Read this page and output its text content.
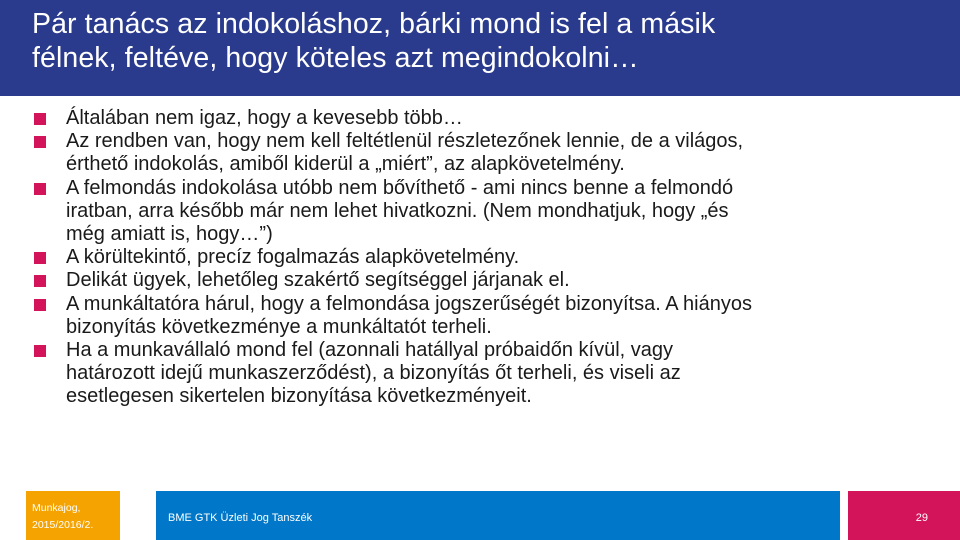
Pár tanács az indokoláshoz, bárki mond is fel a másik
félnek, feltéve, hogy köteles azt megindokolni…
Általában nem igaz, hogy a kevesebb több…
Az rendben van, hogy nem kell feltétlenül részletezőnek lennie, de a világos,
érthető indokolás, amiből kiderül a „miért”, az alapkövetelmény.
A felmondás indokolása utóbb nem bővíthető - ami nincs benne a felmondó
iratban, arra később már nem lehet hivatkozni. (Nem mondhatjuk, hogy „és
még amiatt is, hogy…”)
A körültekintő, precíz fogalmazás alapkövetelmény.
Delikát ügyek, lehetőleg szakértő segítséggel járjanak el.
A munkáltatóra hárul, hogy a felmondása jogszerűségét bizonyítsa. A hiányos
bizonyítás következménye a munkáltatót terheli.
Ha a munkavállaló mond fel (azonnali hatállyal próbaidőn kívül, vagy
határozott idejű munkaszerződést), a bizonyítás őt terheli, és viseli az
esetlegesen sikertelen bizonyítása következményeit.
Munkajog,
2015/2016/2.
BME GTK Üzleti Jog Tanszék	29
